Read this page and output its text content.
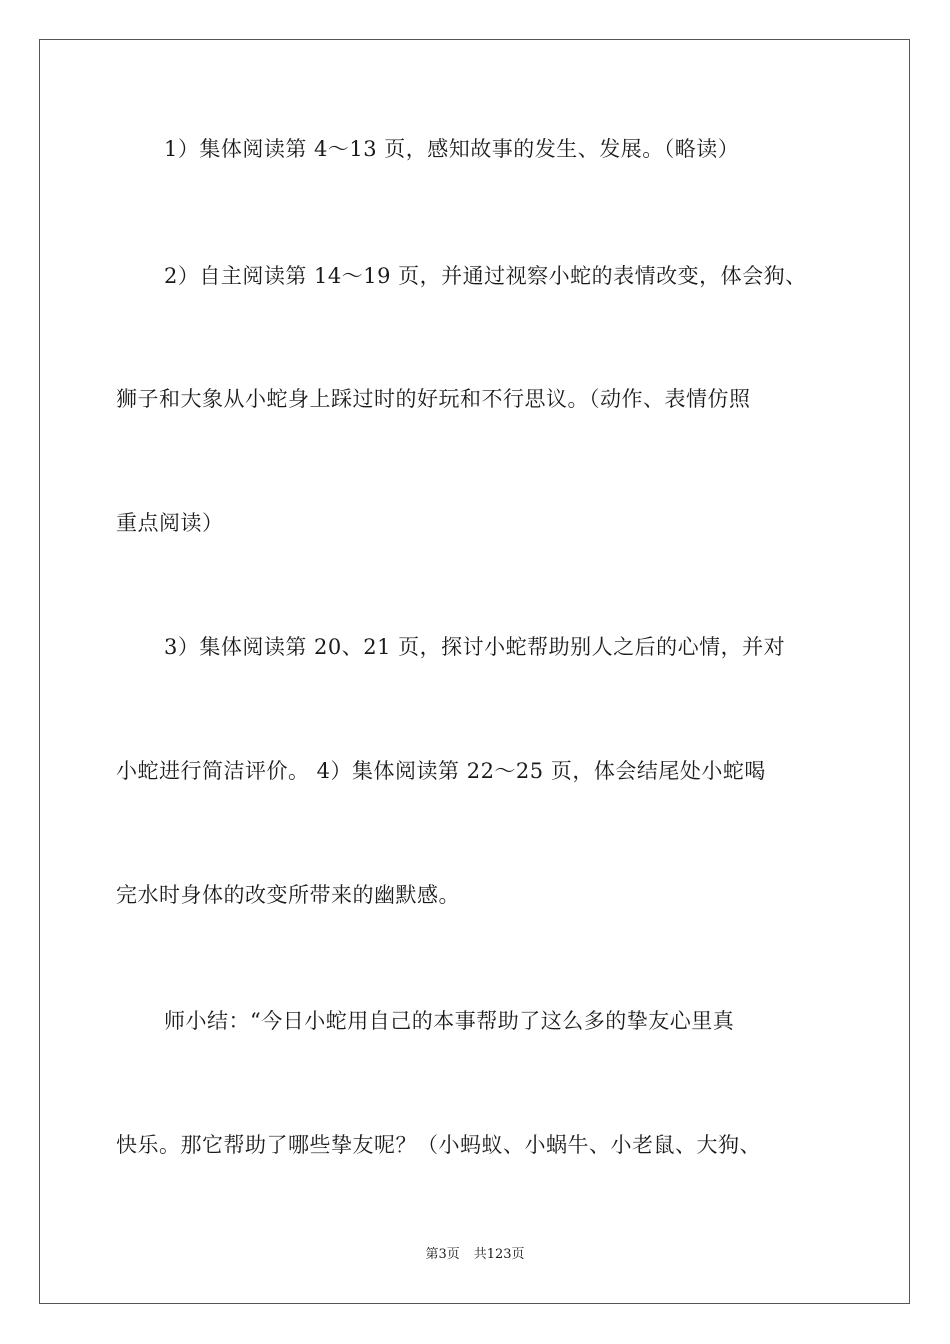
1）集体阅读第 4～13 页，感知故事的发生、发展。（略读）
2）自主阅读第 14～19 页，并通过视察小蛇的表情改变，体会狗、
狮子和大象从小蛇身上踩过时的好玩和不行思议。（动作、表情仿照
重点阅读）
3）集体阅读第 20、21 页，探讨小蛇帮助别人之后的心情，并对
小蛇进行简洁评价。 4）集体阅读第 22～25 页，体会结尾处小蛇喝
完水时身体的改变所带来的幽默感。
师小结：“今日小蛇用自己的本事帮助了这么多的挚友心里真
快乐。那它帮助了哪些挚友呢？（小蚂蚁、小蜗牛、小老鼠、大狗、
第3页 共123页
